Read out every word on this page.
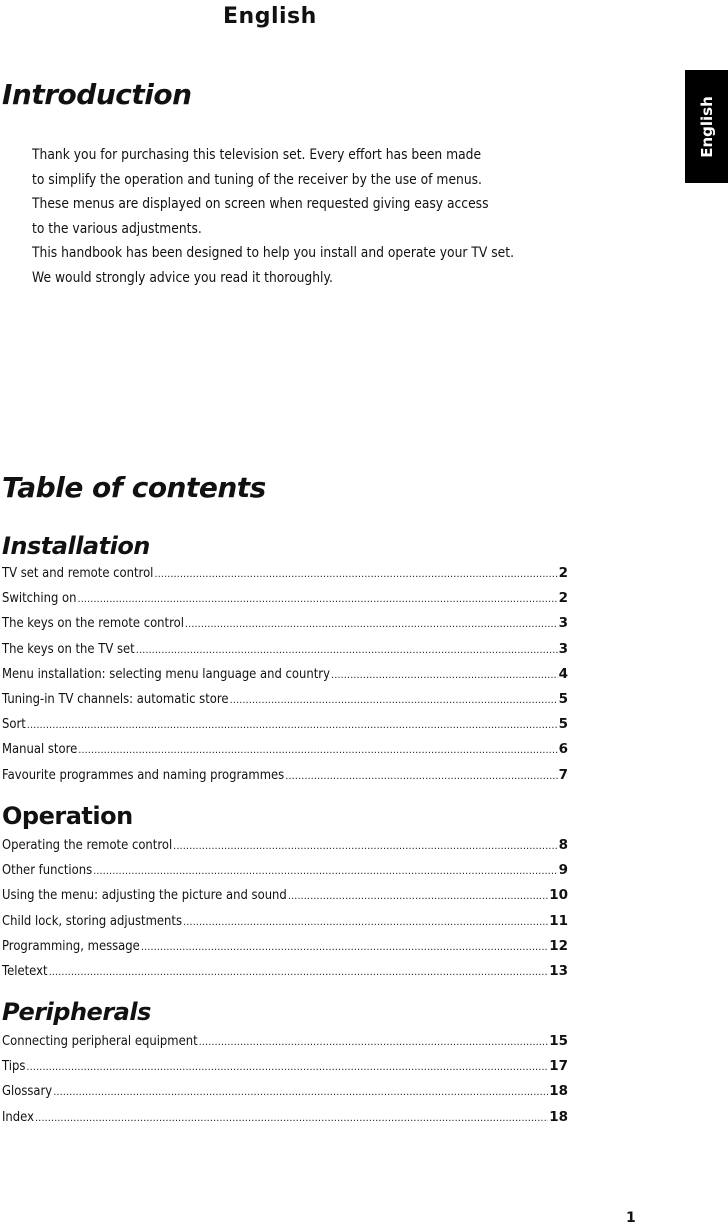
English
English
Introduction

Thank you for purchasing this television set. Every effort has been made

to simplify the operation and tuning of the receiver by the use of menus.

These menus are displayed on screen when requested giving easy access

to the various adjustments.

This handbook has been designed to help you install and operate your TV set.

We would strongly advice you read it thoroughly.

Table of contents
Installation
TV set and remote control .....	2
Switching on .....	2
The keys on the remote control .....	3
The keys on the TV set .....	3
Menu installation: selecting menu language and country .....	4
Tuning-in TV channels: automatic store .....	5
Sort .....	5
Manual store .....	6
Favourite programmes and naming programmes .....	7
Operation
Operating the remote control .....	8
Other functions .....	9
Using the menu: adjusting the picture and sound .....	10
Child lock, storing adjustments .....	11
Programming, message .....	12
Teletext .....	13
Peripherals
Connecting peripheral equipment .....	15
Tips .....	17
Glossary .....	18
Index .....	18
1
